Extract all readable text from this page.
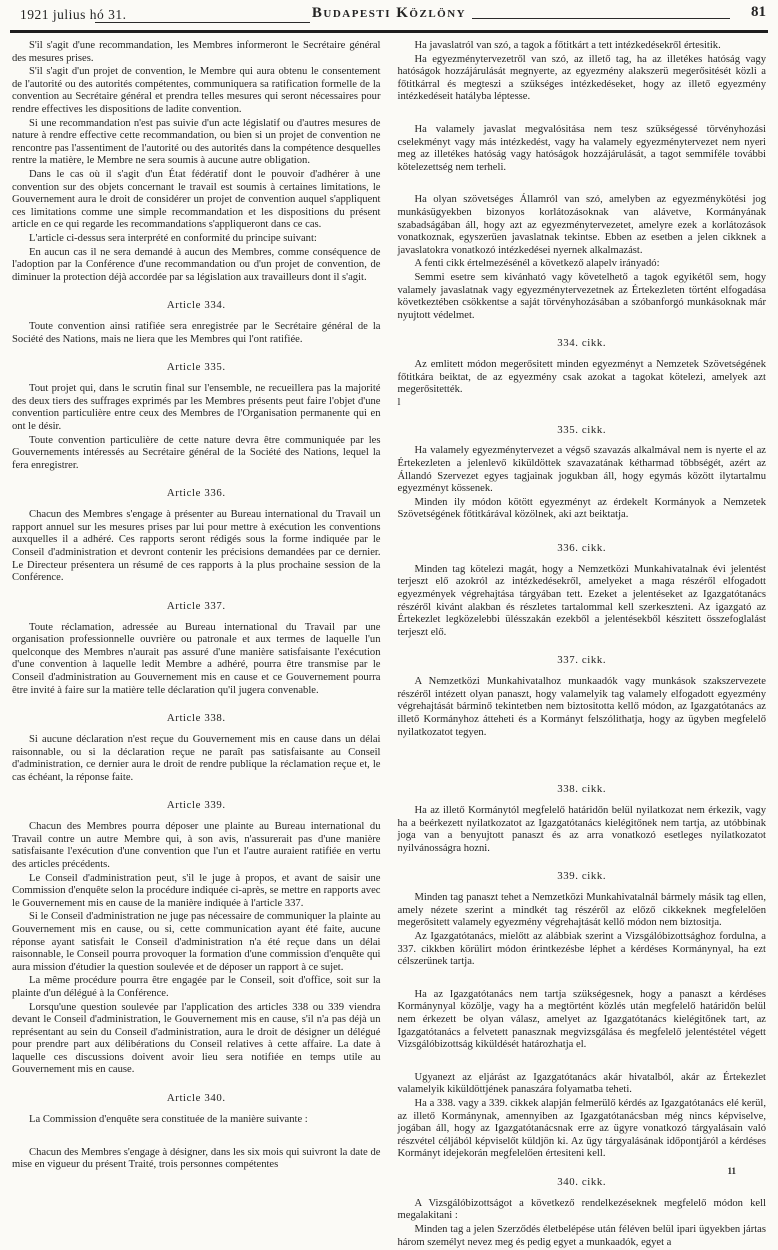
1921 julius hó 31.	Budapesti Közlöny	81

S'il s'agit d'une recommandation, les Membres informeront le Secrétaire général des mesures prises.

S'il s'agit d'un projet de convention, le Membre qui aura obtenu le consentement de l'autorité ou des autorités compétentes, communiquera sa ratification formelle de la convention au Secrétaire général et prendra telles mesures qui seront nécessaires pour rendre effectives les dispositions de ladite convention.

Si une recommandation n'est pas suivie d'un acte législatif ou d'autres mesures de nature à rendre effective cette recommandation, ou bien si un projet de convention ne rencontre pas l'assentiment de l'autorité ou des autorités dans la compétence desquelles rentre la matière, le Membre ne sera soumis à aucune autre obligation.

Dans le cas où il s'agit d'un État fédératif dont le pouvoir d'adhérer à une convention sur des objets concernant le travail est soumis à certaines limitations, le Gouvernement aura le droit de considérer un projet de convention auquel s'appliquent ces limitations comme une simple recommandation et les dispositions du présent article en ce qui regarde les recommandations s'appliqueront dans ce cas.

L'article ci-dessus sera interprété en conformité du principe suivant:

En aucun cas il ne sera demandé à aucun des Membres, comme conséquence de l'adoption par la Conférence d'une recommandation ou d'un projet de convention, de diminuer la protection déjà accordée par sa législation aux travailleurs dont il s'agit.

Article 334.

Toute convention ainsi ratifiée sera enregistrée par le Secrétaire général de la Société des Nations, mais ne liera que les Membres qui l'ont ratifiée.

Article 335.

Tout projet qui, dans le scrutin final sur l'ensemble, ne recueillera pas la majorité des deux tiers des suffrages exprimés par les Membres présents peut faire l'objet d'une convention particulière entre ceux des Membres de l'Organisation permanente qui en ont le désir.

Toute convention particulière de cette nature devra être communiquée par les Gouvernements intéressés au Secrétaire général de la Société des Nations, lequel la fera enregistrer.

Article 336.

Chacun des Membres s'engage à présenter au Bureau international du Travail un rapport annuel sur les mesures prises par lui pour mettre à exécution les conventions auxquelles il a adhéré. Ces rapports seront rédigés sous la forme indiquée par le Conseil d'administration et devront contenir les précisions demandées par ce dernier. Le Directeur présentera un résumé de ces rapports à la plus prochaine session de la Conférence.

Article 337.

Toute réclamation, adressée au Bureau international du Travail par une organisation professionnelle ouvrière ou patronale et aux termes de laquelle l'un quelconque des Membres n'aurait pas assuré d'une manière satisfaisante l'exécution d'une convention à laquelle ledit Membre a adhéré, pourra être transmise par le Conseil d'administration au Gouvernement mis en cause et ce Gouvernement pourra être invité à faire sur la matière telle déclaration qu'il jugera convenable.

Article 338.

Si aucune déclaration n'est reçue du Gouvernement mis en cause dans un délai raisonnable, ou si la déclaration reçue ne paraît pas satisfaisante au Conseil d'administration, ce dernier aura le droit de rendre publique la réclamation reçue et, le cas échéant, la réponse faite.

Article 339.

Chacun des Membres pourra déposer une plainte au Bureau international du Travail contre un autre Membre qui, à son avis, n'assurerait pas d'une manière satisfaisante l'exécution d'une convention que l'un et l'autre auraient ratifiée en vertu des articles précédents.

Le Conseil d'administration peut, s'il le juge à propos, et avant de saisir une Commission d'enquête selon la procédure indiquée ci-après, se mettre en rapports avec le Gouvernement mis en cause de la manière indiquée à l'article 337.

Si le Conseil d'administration ne juge pas nécessaire de communiquer la plainte au Gouvernement mis en cause, ou si, cette communication ayant été faite, aucune réponse ayant satisfait le Conseil d'administration n'a été reçue dans un délai raisonnable, le Conseil pourra provoquer la formation d'une commission d'enquête qui aura mission d'étudier la question soulevée et de déposer un rapport à ce sujet.

La même procédure pourra être engagée par le Conseil, soit d'office, soit sur la plainte d'un délégué à la Conférence.

Lorsqu'une question soulevée par l'application des articles 338 ou 339 viendra devant le Conseil d'administration, le Gouvernement mis en cause, s'il n'a pas déjà un représentant au sein du Conseil d'administration, aura le droit de désigner un délégué pour prendre part aux délibérations du Conseil relatives à cette affaire. La date à laquelle ces discussions doivent avoir lieu sera notifiée en temps utile au Gouvernement mis en cause.

Article 340.

La Commission d'enquête sera constituée de la manière suivante :

Chacun des Membres s'engage à désigner, dans les six mois qui suivront la date de mise en vigueur du présent Traité, trois personnes compétentes

Ha javaslatról van szó, a tagok a főtitkárt a tett intézkedésekről értesitik.

Ha egyezménytervezetről van szó, az illető tag, ha az illetékes hatóság vagy hatóságok hozzájárulását megnyerte, az egyezmény alakszerü megerősitését közli a főtitkárral és megteszi a szükséges intézkedéseket, hogy az illető egyezmény intézkedéseit hatályba léptesse.

Ha valamely javaslat megvalósitása nem tesz szükségessé törvényhozási cselekményt vagy más intézkedést, vagy ha valamely egyezménytervezet nem nyeri meg az illetékes hatóság vagy hatóságok hozzájárulását, a tagot semmiféle további kötelezettség nem terheli.

Ha olyan szövetséges Államról van szó, amelyben az egyezménykötési jog munkásügyekben bizonyos korlátozásoknak van alávetve, Kormányának szabadságában áll, hogy azt az egyezménytervezetet, amelyre ezek a korlátozások vonatkoznak, egyszerüen javaslatnak tekintse. Ebben az esetben a jelen cikknek a javaslatokra vonatkozó intézkedései nyernek alkalmazást.

A fenti cikk értelmezésénél a következő alapelv irányadó:

Semmi esetre sem kivánható vagy követelhető a tagok egyikétől sem, hogy valamely javaslatnak vagy egyezménytervezetnek az Értekezleten történt elfogadása következtében csökkentse a saját törvényhozásában a szóbanforgó munkásoknak már nyujtott védelmet.

334. cikk.

Az emlitett módon megerősitett minden egyezményt a Nemzetek Szövetségének főtitkára beiktat, de az egyezmény csak azokat a tagokat kötelezi, amelyek azt megerősitették.

l

335. cikk.

Ha valamely egyezménytervezet a végső szavazás alkalmával nem is nyerte el az Értekezleten a jelenlevő kiküldöttek szavazatának kétharmad többségét, azért az Állandó Szervezet egyes tagjainak jogukban áll, hogy egymás között ilytartalmu egyezményt kössenek.

Minden ily módon kötött egyezményt az érdekelt Kormányok a Nemzetek Szövetségének főtitkárával közölnek, aki azt beiktatja.

336. cikk.

Minden tag kötelezi magát, hogy a Nemzetközi Munkahivatalnak évi jelentést terjeszt elő azokról az intézkedésekről, amelyeket a maga részéről elfogadott egyezmények végrehajtása tárgyában tett. Ezeket a jelentéseket az Igazgatótanács részéről kivánt alakban és részletes tartalommal kell szerkeszteni. Az igazgató az Értekezlet legközelebbi ülésszakán ezekből a jelentésekből készitett összefoglalást terjeszt elő.

337. cikk.

A Nemzetközi Munkahivatalhoz munkaadók vagy munkások szakszervezete részéről intézett olyan panaszt, hogy valamelyik tag valamely elfogadott egyezmény végrehajtását bárminő tekintetben nem biztositotta kellő módon, az Igazgatótanács az illető Kormányhoz átteheti és a Kormányt felszólithatja, hogy az ügyben megfelelő nyilatkozatot tegyen.

338. cikk.

Ha az illető Kormánytól megfelelő határidőn belül nyilatkozat nem érkezik, vagy ha a beérkezett nyilatkozatot az Igazgatótanács kielégitőnek nem tartja, az utóbbinak joga van a benyujtott panaszt és az arra vonatkozó esetleges nyilatkozatot nyilvánosságra hozni.

339. cikk.

Minden tag panaszt tehet a Nemzetközi Munkahivatalnál bármely másik tag ellen, amely nézete szerint a mindkét tag részéről az előző cikkeknek megfelelően megerősitett valamely egyezmény végrehajtását kellő módon nem biztositja.

Az Igazgatótanács, mielőtt az alábbiak szerint a Vizsgálóbizottsághoz fordulna, a 337. cikkben körülirt módon érintkezésbe léphet a kérdéses Kormánynyal, ha ezt célszerünek tartja.

Ha az Igazgatótanács nem tartja szükségesnek, hogy a panaszt a kérdéses Kormánynyal közölje, vagy ha a megtörtént közlés után megfelelő határidőn belül nem érkezett be olyan válasz, amelyet az Igazgatótanács kielégitőnek tart, az Igazgatótanács a felvetett panasznak megvizsgálása és megfelelő jelentéstétel végett Vizsgálóbizottság kiküldését határozhatja el.

Ugyanezt az eljárást az Igazgatótanács akár hivatalból, akár az Értekezlet valamelyik kiküldöttjének panaszára folyamatba teheti.

Ha a 338. vagy a 339. cikkek alapján felmerülő kérdés az Igazgatótanács elé kerül, az illető Kormánynak, amennyiben az Igazgatótanácsban még nincs képviselve, jogában áll, hogy az Igazgatótanácsnak erre az ügyre vonatkozó tárgyalásain való részvétel céljából képviselőt küldjön ki. Az ügy tárgyalásának időpontjáról a kérdéses Kormányt idejekorán megfelelően értesiteni kell.

340. cikk.

A Vizsgálóbizottságot a következő rendelkezéseknek megfelelő módon kell megalakitani :

Minden tag a jelen Szerződés életbelépése után féléven belül ipari ügyekben jártas három személyt nevez meg és pedig egyet a munkaadók, egyet a

11
